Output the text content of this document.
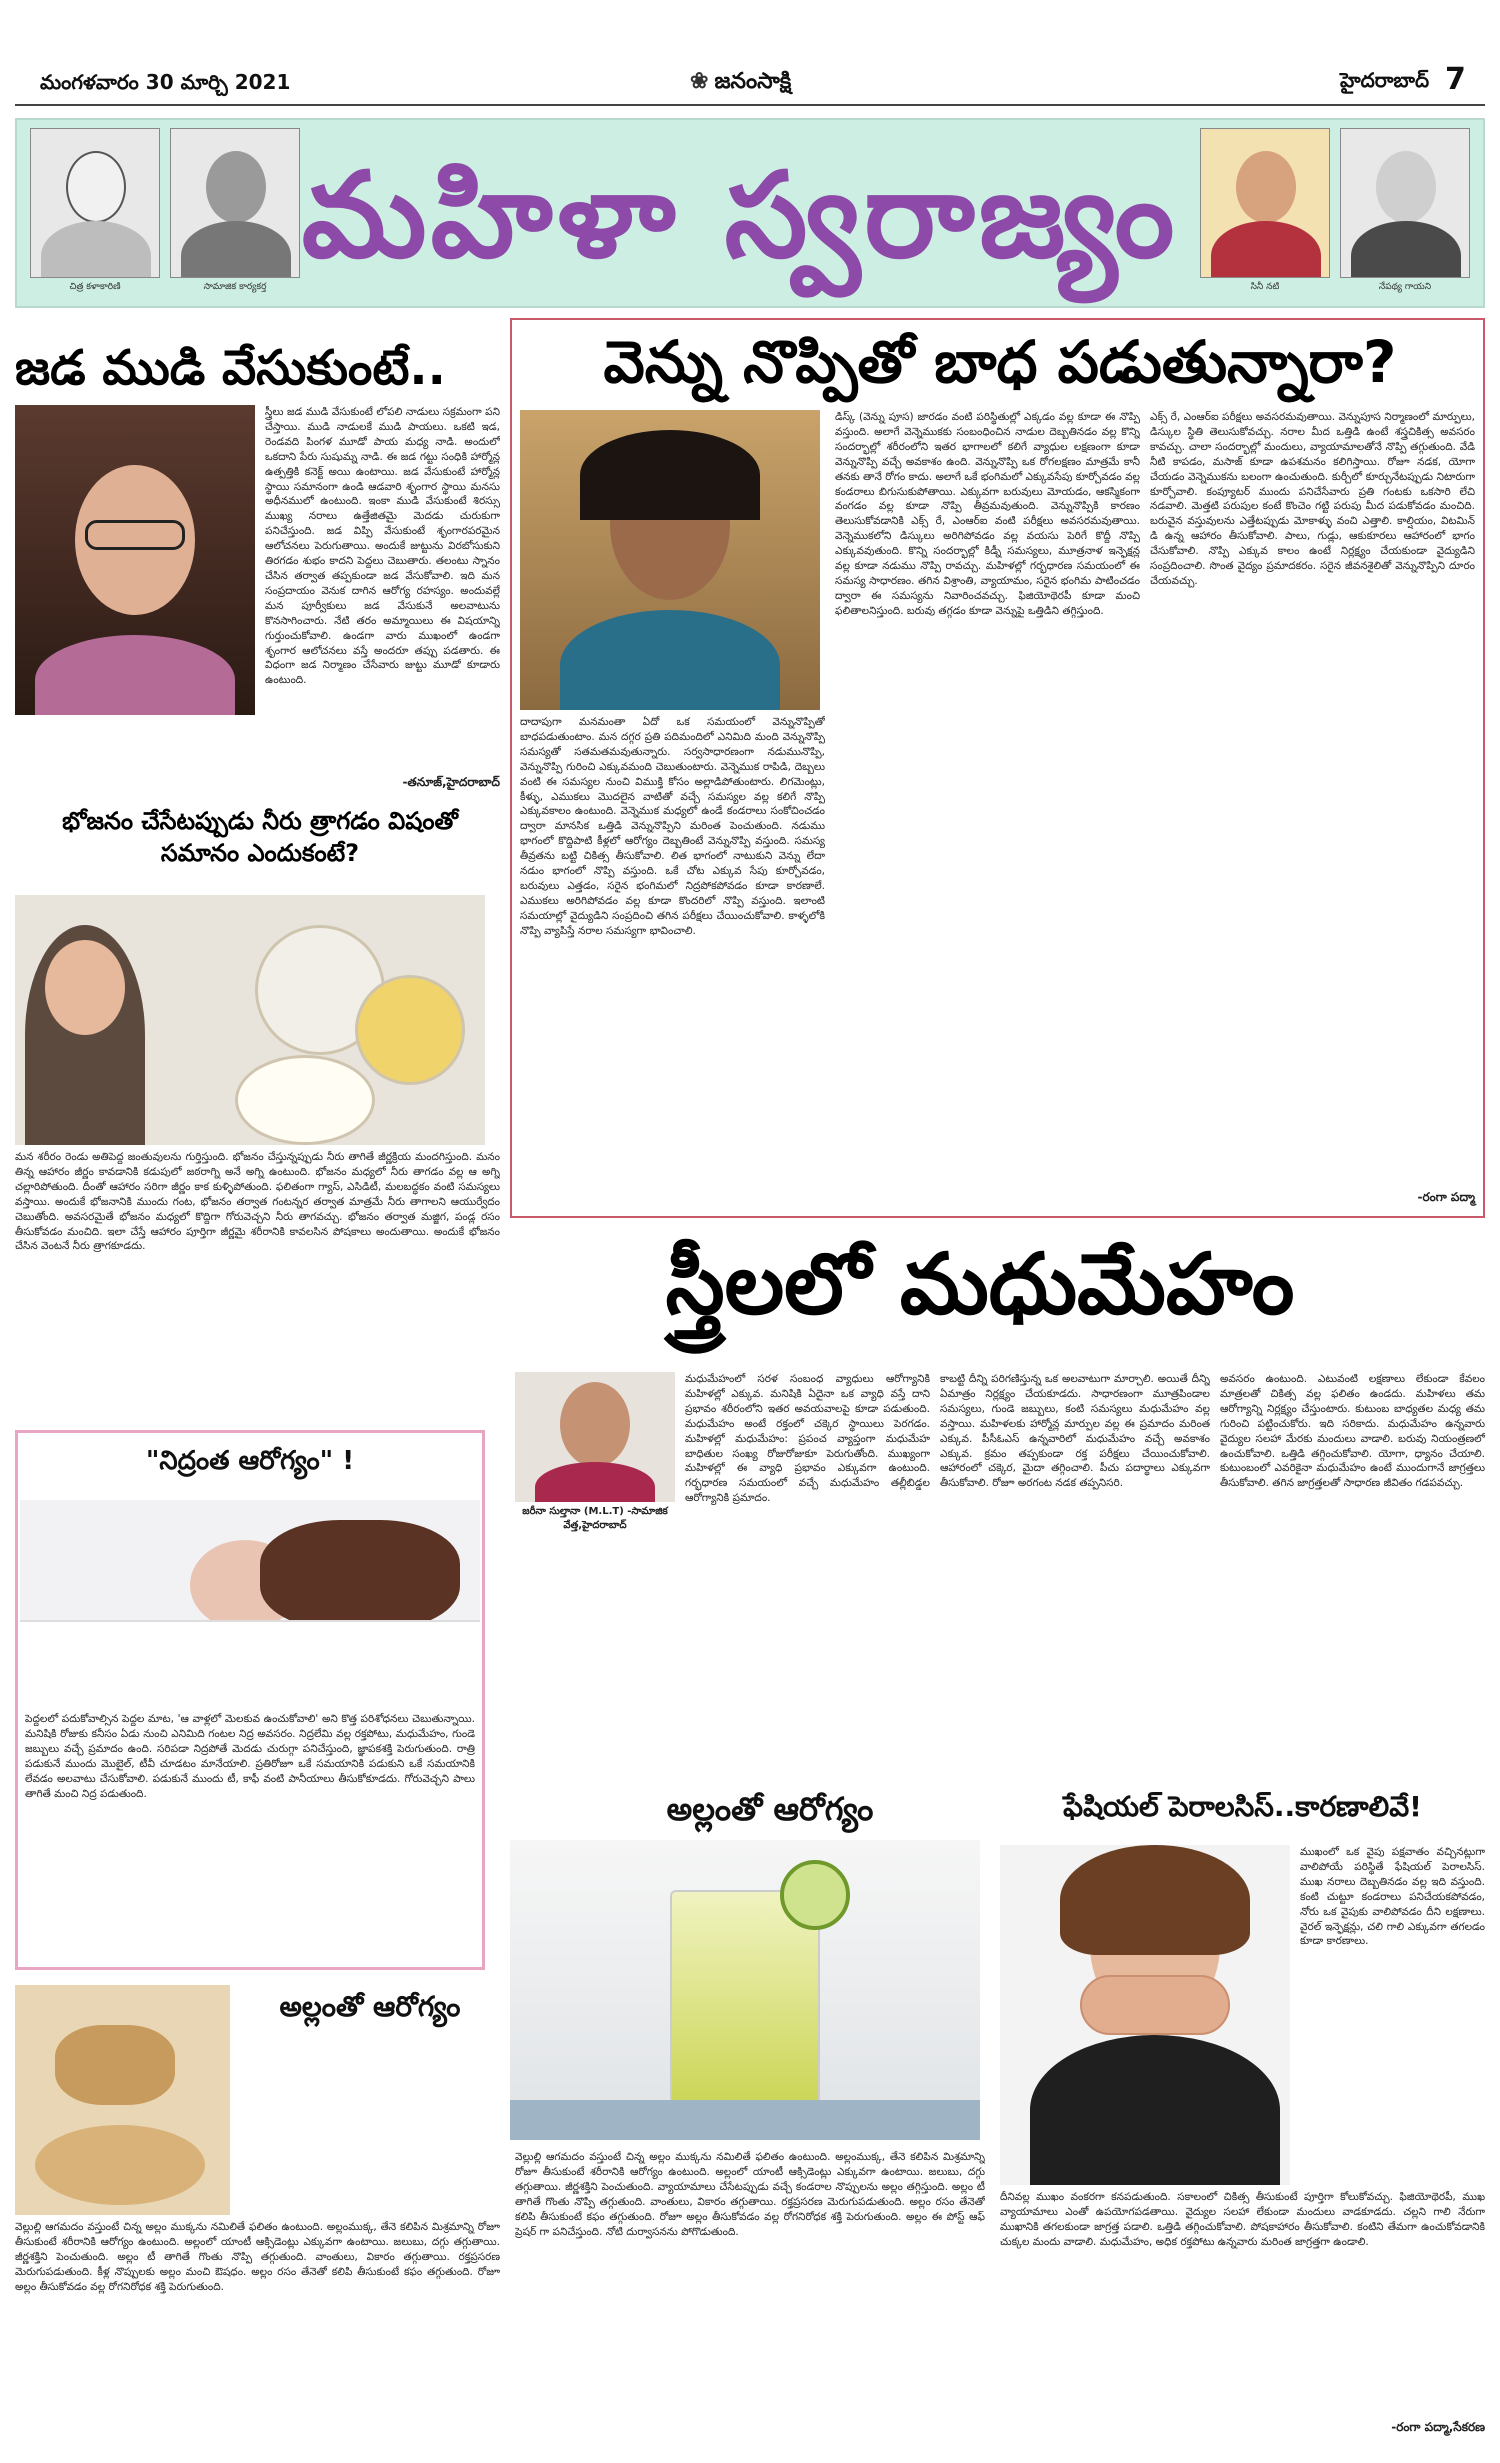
మంగళవారం 30 మార్చి 2021	❀ జనంసాక్షి	హైదరాబాద్ 7
చిత్ర కళాకారిణి	సామాజిక కార్యకర్త	సినీ నటి	నేపథ్య గాయని
మహిళా స్వరాజ్యం
జడ ముడి వేసుకుంటే..
స్త్రీలు జడ ముడి వేసుకుంటే లోపలి నాడులు సక్రమంగా పని చేస్తాయి. ముడి నాడులకే ముడి పాయలు. ఒకటి ఇడ, రెండవది పింగళ మూడో పాయ మధ్య నాడి. అందులో ఒకదాని పేరు సుషుమ్న నాడి. ఈ జడ గట్టు సంధికి హార్మోన్ల ఉత్పత్తికి కనెక్ట్ అయి ఉంటాయి. జడ వేసుకుంటే హార్మోన్ల స్థాయి సమానంగా ఉండి ఆడవారి శృంగార స్థాయి మనసు అధీనములో ఉంటుంది. ఇంకా ముడి వేసుకుంటే శిరస్సు ముఖ్య నరాలు ఉత్తేజితమై మెదడు చురుకుగా పనిచేస్తుంది. జడ విప్పి వేసుకుంటే శృంగారపరమైన ఆలోచనలు పెరుగుతాయి. అందుకే జుట్టును విరబోసుకుని తిరగడం శుభం కాదని పెద్దలు చెబుతారు. తలంటు స్నానం చేసిన తర్వాత తప్పకుండా జడ వేసుకోవాలి. ఇది మన సంప్రదాయం వెనుక దాగిన ఆరోగ్య రహస్యం. అందువల్లే మన పూర్వీకులు జడ వేసుకునే అలవాటును కొనసాగించారు. నేటి తరం అమ్మాయిలు ఈ విషయాన్ని గుర్తుంచుకోవాలి. ఉండగా వారు ముఖంలో ఉండగా శృంగార ఆలోచనలు వస్తే అందరూ తప్పు పడతారు. ఈ విధంగా జడ నిర్మాణం చేసేవారు జుట్టు మూడో కూడారు ఉంటుంది.
-తనూజ్,హైదరాబాద్
భోజనం చేసేటప్పుడు నీరు త్రాగడం విషంతో సమానం ఎందుకంటే?
మన శరీరం రెండు అతిపెద్ద జంతువులను గుర్తిస్తుంది. భోజనం చేస్తున్నప్పుడు నీరు తాగితే జీర్ణక్రియ మందగిస్తుంది. మనం తిన్న ఆహారం జీర్ణం కావడానికి కడుపులో జఠరాగ్ని అనే అగ్ని ఉంటుంది. భోజనం మధ్యలో నీరు తాగడం వల్ల ఆ అగ్ని చల్లారిపోతుంది. దీంతో ఆహారం సరిగా జీర్ణం కాక కుళ్ళిపోతుంది. ఫలితంగా గ్యాస్, ఎసిడిటీ, మలబద్ధకం వంటి సమస్యలు వస్తాయి. అందుకే భోజనానికి ముందు గంట, భోజనం తర్వాత గంటన్నర తర్వాత మాత్రమే నీరు తాగాలని ఆయుర్వేదం చెబుతోంది. అవసరమైతే భోజనం మధ్యలో కొద్దిగా గోరువెచ్చని నీరు తాగవచ్చు. భోజనం తర్వాత మజ్జిగ, పండ్ల రసం తీసుకోవడం మంచిది. ఇలా చేస్తే ఆహారం పూర్తిగా జీర్ణమై శరీరానికి కావలసిన పోషకాలు అందుతాయి. అందుకే భోజనం చేసిన వెంటనే నీరు త్రాగకూడదు.
వెన్ను నొప్పితో బాధ పడుతున్నారా?
దాదాపుగా మనమంతా ఏదో ఒక సమయంలో వెన్నునొప్పితో బాధపడుతుంటాం. మన దగ్గర ప్రతి పదిమందిలో ఎనిమిది మంది వెన్నునొప్పి సమస్యతో సతమతమవుతున్నారు. సర్వసాధారణంగా నడుమునొప్పి, వెన్నునొప్పి గురించి ఎక్కువమంది చెబుతుంటారు. వెన్నెముక రాపిడి, దెబ్బలు వంటి ఈ సమస్యల నుంచి విముక్తి కోసం అల్లాడిపోతుంటారు. లిగమెంట్లు, కీళ్ళు, ఎముకలు మొదలైన వాటితో వచ్చే సమస్యల వల్ల కలిగే నొప్పి ఎక్కువకాలం ఉంటుంది. వెన్నెముక మధ్యలో ఉండే కండరాలు సంకోచించడం ద్వారా మానసిక ఒత్తిడి వెన్నునొప్పిని మరింత పెంచుతుంది. నడుము భాగంలో కొద్దిపాటి కీళ్లలో ఆరోగ్యం దెబ్బతింటే వెన్నునొప్పి వస్తుంది. సమస్య తీవ్రతను బట్టి చికిత్స తీసుకోవాలి. లిత భాగంలో నాటుకుని వెన్ను లేదా నడుం భాగంలో నొప్పి వస్తుంది. ఒకే చోట ఎక్కువ సేపు కూర్చోవడం, బరువులు ఎత్తడం, సరైన భంగిమలో నిద్రపోకపోవడం కూడా కారణాలే. ఎముకలు అరిగిపోవడం వల్ల కూడా కొందరిలో నొప్పి వస్తుంది. ఇలాంటి సమయాల్లో వైద్యుడిని సంప్రదించి తగిన పరీక్షలు చేయించుకోవాలి. కాళ్ళలోకి నొప్పి వ్యాపిస్తే నరాల సమస్యగా భావించాలి.
డిస్క్ (వెన్ను పూస) జారడం వంటి పరిస్థితుల్లో ఎక్కడం వల్ల కూడా ఈ నొప్పి వస్తుంది. అలాగే వెన్నెముకకు సంబంధించిన నాడుల దెబ్బతినడం వల్ల కొన్ని సందర్భాల్లో శరీరంలోని ఇతర భాగాలలో కలిగే వ్యాధుల లక్షణంగా కూడా వెన్నునొప్పి వచ్చే అవకాశం ఉంది. వెన్నునొప్పి ఒక రోగలక్షణం మాత్రమే కానీ తనకు తానే రోగం కాదు. అలాగే ఒకే భంగిమలో ఎక్కువసేపు కూర్చోవడం వల్ల కండరాలు బిగుసుకుపోతాయి. ఎక్కువగా బరువులు మోయడం, ఆకస్మికంగా వంగడం వల్ల కూడా నొప్పి తీవ్రమవుతుంది. వెన్నునొప్పికి కారణం తెలుసుకోవడానికి ఎక్స్ రే, ఎంఆర్ఐ వంటి పరీక్షలు అవసరమవుతాయి. వెన్నెముకలోని డిస్కులు అరిగిపోవడం వల్ల వయసు పెరిగే కొద్దీ నొప్పి ఎక్కువవుతుంది. కొన్ని సందర్భాల్లో కిడ్నీ సమస్యలు, మూత్రనాళ ఇన్ఫెక్షన్ల వల్ల కూడా నడుము నొప్పి రావచ్చు. మహిళల్లో గర్భధారణ సమయంలో ఈ సమస్య సాధారణం. తగిన విశ్రాంతి, వ్యాయామం, సరైన భంగిమ పాటించడం ద్వారా ఈ సమస్యను నివారించవచ్చు. ఫిజియోథెరపీ కూడా మంచి ఫలితాలనిస్తుంది. బరువు తగ్గడం కూడా వెన్నుపై ఒత్తిడిని తగ్గిస్తుంది.
ఎక్స్ రే, ఎంఆర్ఐ పరీక్షలు అవసరమవుతాయి. వెన్నుపూస నిర్మాణంలో మార్పులు, డిస్కుల స్థితి తెలుసుకోవచ్చు. నరాల మీద ఒత్తిడి ఉంటే శస్త్రచికిత్స అవసరం కావచ్చు. చాలా సందర్భాల్లో మందులు, వ్యాయామాలతోనే నొప్పి తగ్గుతుంది. వేడి నీటి కాపడం, మసాజ్ కూడా ఉపశమనం కలిగిస్తాయి. రోజూ నడక, యోగా చేయడం వెన్నెముకను బలంగా ఉంచుతుంది. కుర్చీలో కూర్చునేటప్పుడు నిటారుగా కూర్చోవాలి. కంప్యూటర్ ముందు పనిచేసేవారు ప్రతి గంటకు ఒకసారి లేచి నడవాలి. మెత్తటి పరుపుల కంటే కొంచెం గట్టి పరుపు మీద పడుకోవడం మంచిది. బరువైన వస్తువులను ఎత్తేటప్పుడు మోకాళ్ళు వంచి ఎత్తాలి. కాల్షియం, విటమిన్ డి ఉన్న ఆహారం తీసుకోవాలి. పాలు, గుడ్లు, ఆకుకూరలు ఆహారంలో భాగం చేసుకోవాలి. నొప్పి ఎక్కువ కాలం ఉంటే నిర్లక్ష్యం చేయకుండా వైద్యుడిని సంప్రదించాలి. సొంత వైద్యం ప్రమాదకరం. సరైన జీవనశైలితో వెన్నునొప్పిని దూరం చేయవచ్చు.
-రంగా పద్మా
"నిద్రంత ఆరోగ్యం" !
పెద్దలలో పదుకోవాల్సిన పెద్దల మాట, 'ఆ వాళ్లలో మెలకువ ఉంచుకోవాలి' అని కొత్త పరిశోధనలు చెబుతున్నాయి. మనిషికి రోజుకు కనీసం ఏడు నుంచి ఎనిమిది గంటల నిద్ర అవసరం. నిద్రలేమి వల్ల రక్తపోటు, మధుమేహం, గుండె జబ్బులు వచ్చే ప్రమాదం ఉంది. సరిపడా నిద్రపోతే మెదడు చురుగ్గా పనిచేస్తుంది, జ్ఞాపకశక్తి పెరుగుతుంది. రాత్రి పడుకునే ముందు మొబైల్, టీవీ చూడటం మానేయాలి. ప్రతిరోజూ ఒకే సమయానికి పడుకుని ఒకే సమయానికి లేవడం అలవాటు చేసుకోవాలి. పడుకునే ముందు టీ, కాఫీ వంటి పానీయాలు తీసుకోకూడదు. గోరువెచ్చని పాలు తాగితే మంచి నిద్ర పడుతుంది.
అల్లంతో ఆరోగ్యం
వెల్లుల్లి ఆగమదం వస్తుంటే చిన్న అల్లం ముక్కను నమిలితే ఫలితం ఉంటుంది. అల్లంముక్క, తేనె కలిపిన మిశ్రమాన్ని రోజూ తీసుకుంటే శరీరానికి ఆరోగ్యం ఉంటుంది. అల్లంలో యాంటీ ఆక్సిడెంట్లు ఎక్కువగా ఉంటాయి. జలుబు, దగ్గు తగ్గుతాయి. జీర్ణశక్తిని పెంచుతుంది. అల్లం టీ తాగితే గొంతు నొప్పి తగ్గుతుంది. వాంతులు, వికారం తగ్గుతాయి. రక్తప్రసరణ మెరుగుపడుతుంది. కీళ్ల నొప్పులకు అల్లం మంచి ఔషధం. అల్లం రసం తేనెతో కలిపి తీసుకుంటే కఫం తగ్గుతుంది. రోజూ అల్లం తీసుకోవడం వల్ల రోగనిరోధక శక్తి పెరుగుతుంది.
స్త్రీలలో మధుమేహం
జరీనా సుల్తానా (M.L.T) -సామాజిక వేత్త,హైదరాబాద్
మధుమేహంలో సరళ సంబంధ వ్యాధులు ఆరోగ్యానికి మహిళల్లో ఎక్కువ. మనిషికి ఏదైనా ఒక వ్యాధి వస్తే దాని ప్రభావం శరీరంలోని ఇతర అవయవాలపై కూడా పడుతుంది. మధుమేహం అంటే రక్తంలో చక్కెర స్థాయిలు పెరగడం. మహిళల్లో మధుమేహం: ప్రపంచ వ్యాప్తంగా మధుమేహ బాధితుల సంఖ్య రోజురోజుకూ పెరుగుతోంది. ముఖ్యంగా మహిళల్లో ఈ వ్యాధి ప్రభావం ఎక్కువగా ఉంటుంది. గర్భధారణ సమయంలో వచ్చే మధుమేహం తల్లీబిడ్డల ఆరోగ్యానికి ప్రమాదం.
కాబట్టి దీన్ని పరిగణిస్తున్న ఒక అలవాటుగా మార్చాలి. అయితే దీన్ని ఏమాత్రం నిర్లక్ష్యం చేయకూడదు. సాధారణంగా మూత్రపిండాల సమస్యలు, గుండె జబ్బులు, కంటి సమస్యలు మధుమేహం వల్ల వస్తాయి. మహిళలకు హార్మోన్ల మార్పుల వల్ల ఈ ప్రమాదం మరింత ఎక్కువ. పీసీఓఎస్ ఉన్నవారిలో మధుమేహం వచ్చే అవకాశం ఎక్కువ. క్రమం తప్పకుండా రక్త పరీక్షలు చేయించుకోవాలి. ఆహారంలో చక్కెర, మైదా తగ్గించాలి. పీచు పదార్థాలు ఎక్కువగా తీసుకోవాలి. రోజూ అరగంట నడక తప్పనిసరి.
అవసరం ఉంటుంది. ఎటువంటి లక్షణాలు లేకుండా కేవలం మాత్రలతో చికిత్స వల్ల ఫలితం ఉండదు. మహిళలు తమ ఆరోగ్యాన్ని నిర్లక్ష్యం చేస్తుంటారు. కుటుంబ బాధ్యతల మధ్య తమ గురించి పట్టించుకోరు. ఇది సరికాదు. మధుమేహం ఉన్నవారు వైద్యుల సలహా మేరకు మందులు వాడాలి. బరువు నియంత్రణలో ఉంచుకోవాలి. ఒత్తిడి తగ్గించుకోవాలి. యోగా, ధ్యానం చేయాలి. కుటుంబంలో ఎవరికైనా మధుమేహం ఉంటే ముందుగానే జాగ్రత్తలు తీసుకోవాలి. తగిన జాగ్రత్తలతో సాధారణ జీవితం గడపవచ్చు.
అల్లంతో ఆరోగ్యం
వెల్లుల్లి ఆగమదం వస్తుంటే చిన్న అల్లం ముక్కను నమిలితే ఫలితం ఉంటుంది. అల్లంముక్క, తేనె కలిపిన మిశ్రమాన్ని రోజూ తీసుకుంటే శరీరానికి ఆరోగ్యం ఉంటుంది. అల్లంలో యాంటీ ఆక్సిడెంట్లు ఎక్కువగా ఉంటాయి. జలుబు, దగ్గు తగ్గుతాయి. జీర్ణశక్తిని పెంచుతుంది. వ్యాయామాలు చేసేటప్పుడు వచ్చే కండరాల నొప్పులను అల్లం తగ్గిస్తుంది. అల్లం టీ తాగితే గొంతు నొప్పి తగ్గుతుంది. వాంతులు, వికారం తగ్గుతాయి. రక్తప్రసరణ మెరుగుపడుతుంది. అల్లం రసం తేనెతో కలిపి తీసుకుంటే కఫం తగ్గుతుంది. రోజూ అల్లం తీసుకోవడం వల్ల రోగనిరోధక శక్తి పెరుగుతుంది. అల్లం ఈ పోస్ట్ ఆఫ్ ప్రెషర్ గా పనిచేస్తుంది. నోటి దుర్వాసనను పోగొడుతుంది.
ఫేషియల్ పెరాలసిస్..కారణాలివే!
ముఖంలో ఒక వైపు పక్షవాతం వచ్చినట్లుగా వాలిపోయే పరిస్థితే ఫేషియల్ పెరాలసిస్. ముఖ నరాలు దెబ్బతినడం వల్ల ఇది వస్తుంది. కంటి చుట్టూ కండరాలు పనిచేయకపోవడం, నోరు ఒక వైపుకు వాలిపోవడం దీని లక్షణాలు. వైరల్ ఇన్ఫెక్షన్లు, చలి గాలి ఎక్కువగా తగలడం కూడా కారణాలు.
దీనివల్ల ముఖం వంకరగా కనపడుతుంది. సకాలంలో చికిత్స తీసుకుంటే పూర్తిగా కోలుకోవచ్చు. ఫిజియోథెరపీ, ముఖ వ్యాయామాలు ఎంతో ఉపయోగపడతాయి. వైద్యుల సలహా లేకుండా మందులు వాడకూడదు. చల్లని గాలి నేరుగా ముఖానికి తగలకుండా జాగ్రత్త పడాలి. ఒత్తిడి తగ్గించుకోవాలి. పోషకాహారం తీసుకోవాలి. కంటిని తేమగా ఉంచుకోవడానికి చుక్కల మందు వాడాలి. మధుమేహం, అధిక రక్తపోటు ఉన్నవారు మరింత జాగ్రత్తగా ఉండాలి.
-రంగా పద్మా,సేకరణ
